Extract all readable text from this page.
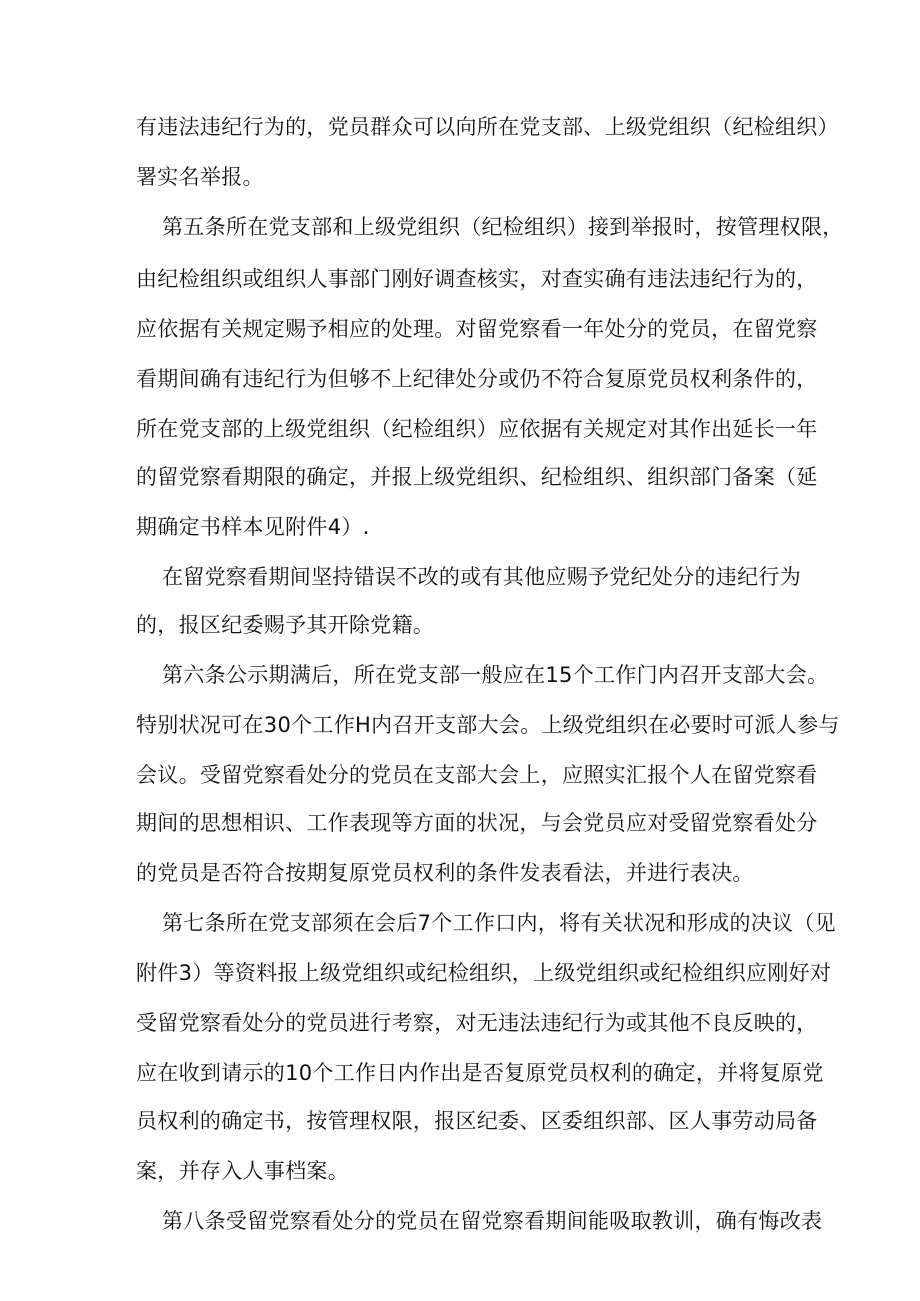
有违法违纪行为的，党员群众可以向所在党支部、上级党组织（纪检组织）
署实名举报。
第五条所在党支部和上级党组织（纪检组织）接到举报时，按管理权限，
由纪检组织或组织人事部门刚好调查核实，对查实确有违法违纪行为的，
应依据有关规定赐予相应的处理。对留党察看一年处分的党员，在留党察
看期间确有违纪行为但够不上纪律处分或仍不符合复原党员权利条件的，
所在党支部的上级党组织（纪检组织）应依据有关规定对其作出延长一年
的留党察看期限的确定，并报上级党组织、纪检组织、组织部门备案（延
期确定书样本见附件4）.
在留党察看期间坚持错误不改的或有其他应赐予党纪处分的违纪行为
的，报区纪委赐予其开除党籍。
第六条公示期满后，所在党支部一般应在15个工作门内召开支部大会。
特别状况可在30个工作H内召开支部大会。上级党组织在必要时可派人参与
会议。受留党察看处分的党员在支部大会上，应照实汇报个人在留党察看
期间的思想相识、工作表现等方面的状况，与会党员应对受留党察看处分
的党员是否符合按期复原党员权利的条件发表看法，并进行表决。
第七条所在党支部须在会后7个工作口内，将有关状况和形成的决议（见
附件3）等资料报上级党组织或纪检组织，上级党组织或纪检组织应刚好对
受留党察看处分的党员进行考察，对无违法违纪行为或其他不良反映的，
应在收到请示的10个工作日内作出是否复原党员权利的确定，并将复原党
员权利的确定书，按管理权限，报区纪委、区委组织部、区人事劳动局备
案，并存入人事档案。
第八条受留党察看处分的党员在留党察看期间能吸取教训，确有悔改表
